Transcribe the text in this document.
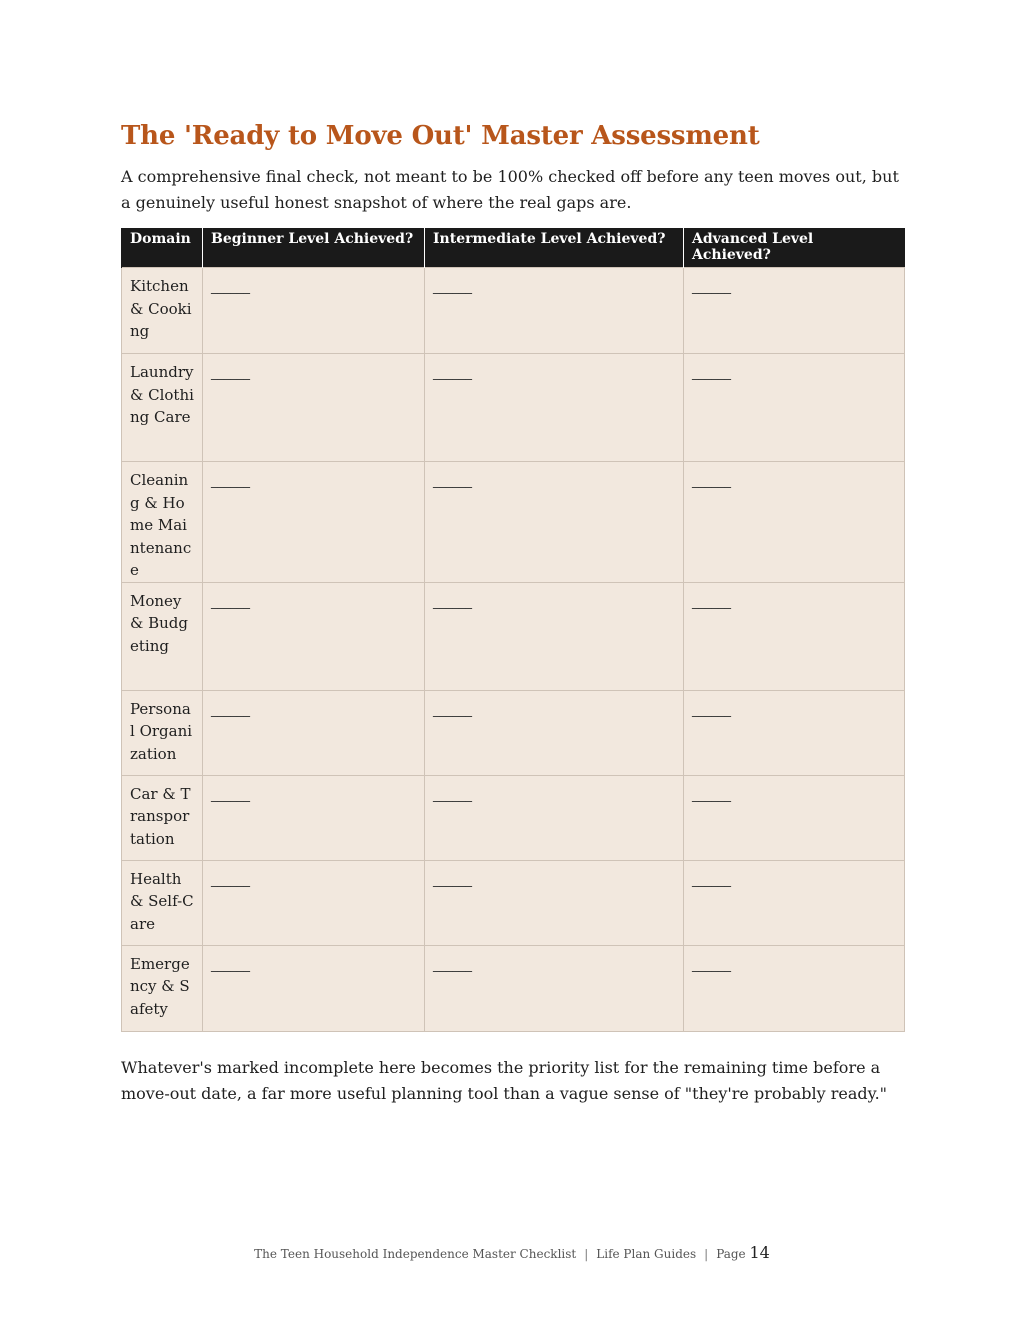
The 'Ready to Move Out' Master Assessment

A comprehensive final check, not meant to be 100% checked off before any teen moves out, but a genuinely useful honest snapshot of where the real gaps are.

Domain	Beginner Level Achieved?	Intermediate Level Achieved?	Advanced Level Achieved?
Kitchen & Cooking	______	______	______
Laundry & Clothing Care	______	______	______
Cleaning & Home Maintenance	______	______	______
Money & Budgeting	______	______	______
Personal Organization	______	______	______
Car & Transportation	______	______	______
Health & Self-Care	______	______	______
Emergency & Safety	______	______	______

Whatever's marked incomplete here becomes the priority list for the remaining time before a move-out date, a far more useful planning tool than a vague sense of "they're probably ready."

The Teen Household Independence Master Checklist | Life Plan Guides | Page 14
